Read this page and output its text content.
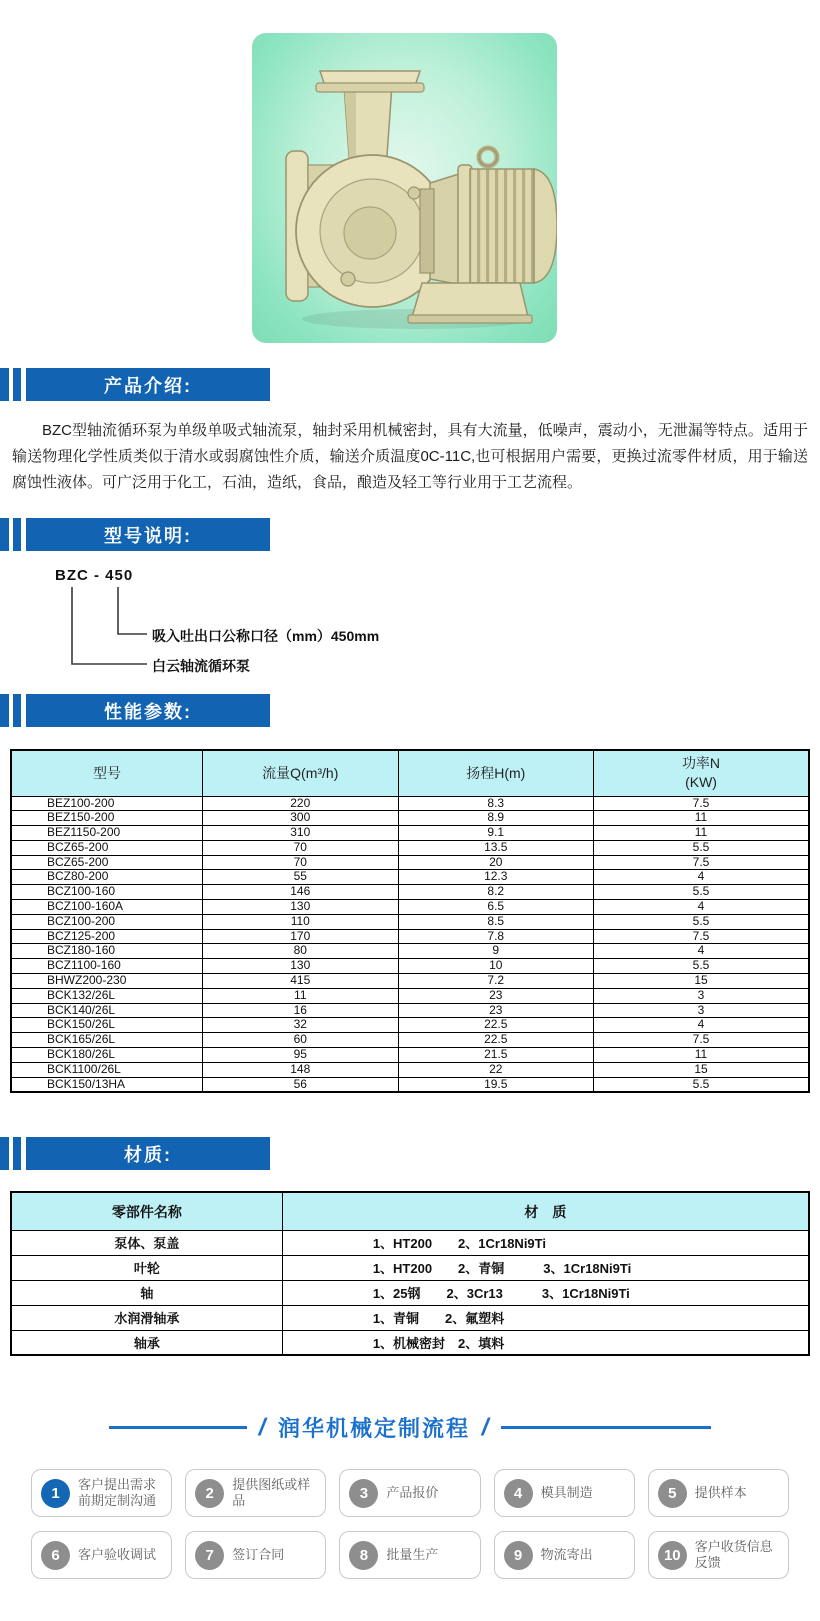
产品介绍:

BZC型轴流循环泵为单级单吸式轴流泵，轴封采用机械密封，具有大流量，低噪声，震动小，无泄漏等特点。适用于输送物理化学性质类似于清水或弱腐蚀性介质，输送介质温度0C-11C,也可根据用户需要，更换过流零件材质，用于输送腐蚀性液体。可广泛用于化工，石油，造纸，食品，酿造及轻工等行业用于工艺流程。

型号说明:
BZC - 450
吸入吐出口公称口径（mm）450mm
白云轴流循环泵
性能参数:
型号	流量Q(m³/h)	扬程H(m)	功率N
(KW)

BEZ100-200	220	8.3	7.5
BEZ150-200	300	8.9	11
BEZ1150-200	310	9.1	11
BCZ65-200	70	13.5	5.5
BCZ65-200	70	20	7.5
BCZ80-200	55	12.3	4
BCZ100-160	146	8.2	5.5
BCZ100-160A	130	6.5	4
BCZ100-200	110	8.5	5.5
BCZ125-200	170	7.8	7.5
BCZ180-160	80	9	4
BCZ1100-160	130	10	5.5
BHWZ200-230	415	7.2	15
BCK132/26L	11	23	3
BCK140/26L	16	23	3
BCK150/26L	32	22.5	4
BCK165/26L	60	22.5	7.5
BCK180/26L	95	21.5	11
BCK1100/26L	148	22	15
BCK150/13HA	56	19.5	5.5
材质:
零部件名称	材　质
泵体、泵盖	1、HT200　　2、1Cr18Ni9Ti
叶轮	1、HT200　　2、青铜　　　3、1Cr18Ni9Ti
轴	1、25钢　　2、3Cr13　　　3、1Cr18Ni9Ti
水润滑轴承	1、青铜　　2、氟塑料
轴承	1、机械密封　2、填料
/ 润华机械定制流程 /
1
客户提出需求前期定制沟通	2
提供图纸或样品	3	产品报价	4	模具制造	5	提供样本
6	客户验收调试	7	签订合同	8	批量生产	9	物流寄出	10
客户收货信息反馈
